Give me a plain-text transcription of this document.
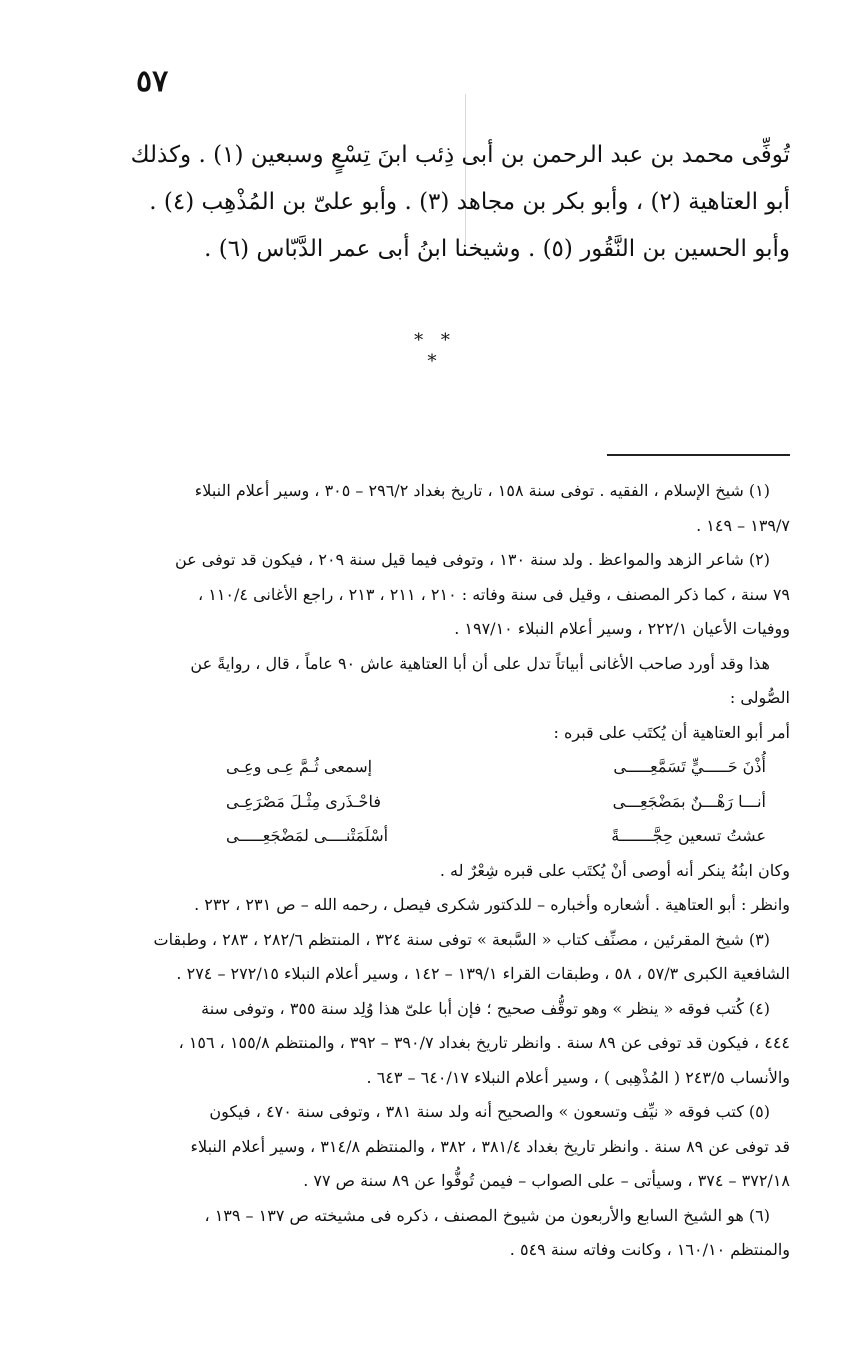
٥٧
تُوفِّى محمد بن عبد الرحمن بن أبى ذِئب ابنَ تِسْعٍ وسبعين (١) . وكذلك
أبو العتاهية (٢) ، وأبو بكر بن مجاهد (٣) . وأبو علىّ بن المُذْهِب (٤) .
وأبو الحسين بن النَّقُور (٥) . وشيخنا ابنُ أبى عمر الدَّبّاس (٦) .
* * *
(١) شيخ الإسلام ، الفقيه . توفى سنة ١٥٨ ، تاريخ بغداد ٢٩٦/٢ – ٣٠٥ ، وسير أعلام النبلاء
١٣٩/٧ – ١٤٩ .
(٢) شاعر الزهد والمواعظ . ولد سنة ١٣٠ ، وتوفى فيما قيل سنة ٢٠٩ ، فيكون قد توفى عن
٧٩ سنة ، كما ذكر المصنف ، وقيل فى سنة وفاته : ٢١٠ ، ٢١١ ، ٢١٣ ، راجع الأغانى ١١٠/٤ ،
ووفيات الأعيان ٢٢٢/١ ، وسير أعلام النبلاء ١٩٧/١٠ .
هذا وقد أورد صاحب الأغانى أبياتاً تدل على أن أبا العتاهية عاش ٩٠ عاماً ، قال ، روايةً عن
الصُّولى :
أمر أبو العتاهية أن يُكتَب على قبره :
أُذْنَ حَـــــيٍّ تَسَمَّعِـــــى
إسمعى ثُـمَّ عِـى وعِـى
أنـــا رَهْـــنٌ بمَضْجَعِـــى
فاحْـذَرى مِثْـلَ مَصْرَعِـى
عشتُ تسعين حِجَّـــــــةً
أسْلَمَتْنــــى لمَضْجَعِـــــى
وكان ابنُهُ ينكر أنه أوصى أنْ يُكتَب على قبره شِعْرٌ له .
وانظر : أبو العتاهية . أشعاره وأخباره – للدكتور شكرى فيصل ، رحمه الله – ص ٢٣١ ، ٢٣٢ .
(٣) شيخ المقرئين ، مصنِّف كتاب « السَّبعة » توفى سنة ٣٢٤ ، المنتظم ٢٨٢/٦ ، ٢٨٣ ، وطبقات
الشافعية الكبرى ٥٧/٣ ، ٥٨ ، وطبقات القراء ١٣٩/١ – ١٤٢ ، وسير أعلام النبلاء ٢٧٢/١٥ – ٢٧٤ .
(٤) كُتب فوقه « ينظر » وهو توقُّف صحيح ؛ فإن أبا علىّ هذا وُلِد سنة ٣٥٥ ، وتوفى سنة
٤٤٤ ، فيكون قد توفى عن ٨٩ سنة . وانظر تاريخ بغداد ٣٩٠/٧ – ٣٩٢ ، والمنتظم ١٥٥/٨ ، ١٥٦ ،
والأنساب ٢٤٣/٥ ( المُذْهِبى ) ، وسير أعلام النبلاء ٦٤٠/١٧ – ٦٤٣ .
(٥) كتب فوقه « نيِّف وتسعون » والصحيح أنه ولد سنة ٣٨١ ، وتوفى سنة ٤٧٠ ، فيكون
قد توفى عن ٨٩ سنة . وانظر تاريخ بغداد ٣٨١/٤ ، ٣٨٢ ، والمنتظم ٣١٤/٨ ، وسير أعلام النبلاء
٣٧٢/١٨ – ٣٧٤ ، وسيأتى – على الصواب – فيمن تُوفُّوا عن ٨٩ سنة ص ٧٧ .
(٦) هو الشيخ السابع والأربعون من شيوخ المصنف ، ذكره فى مشيخته ص ١٣٧ – ١٣٩ ،
والمنتظم ١٦٠/١٠ ، وكانت وفاته سنة ٥٤٩ .
